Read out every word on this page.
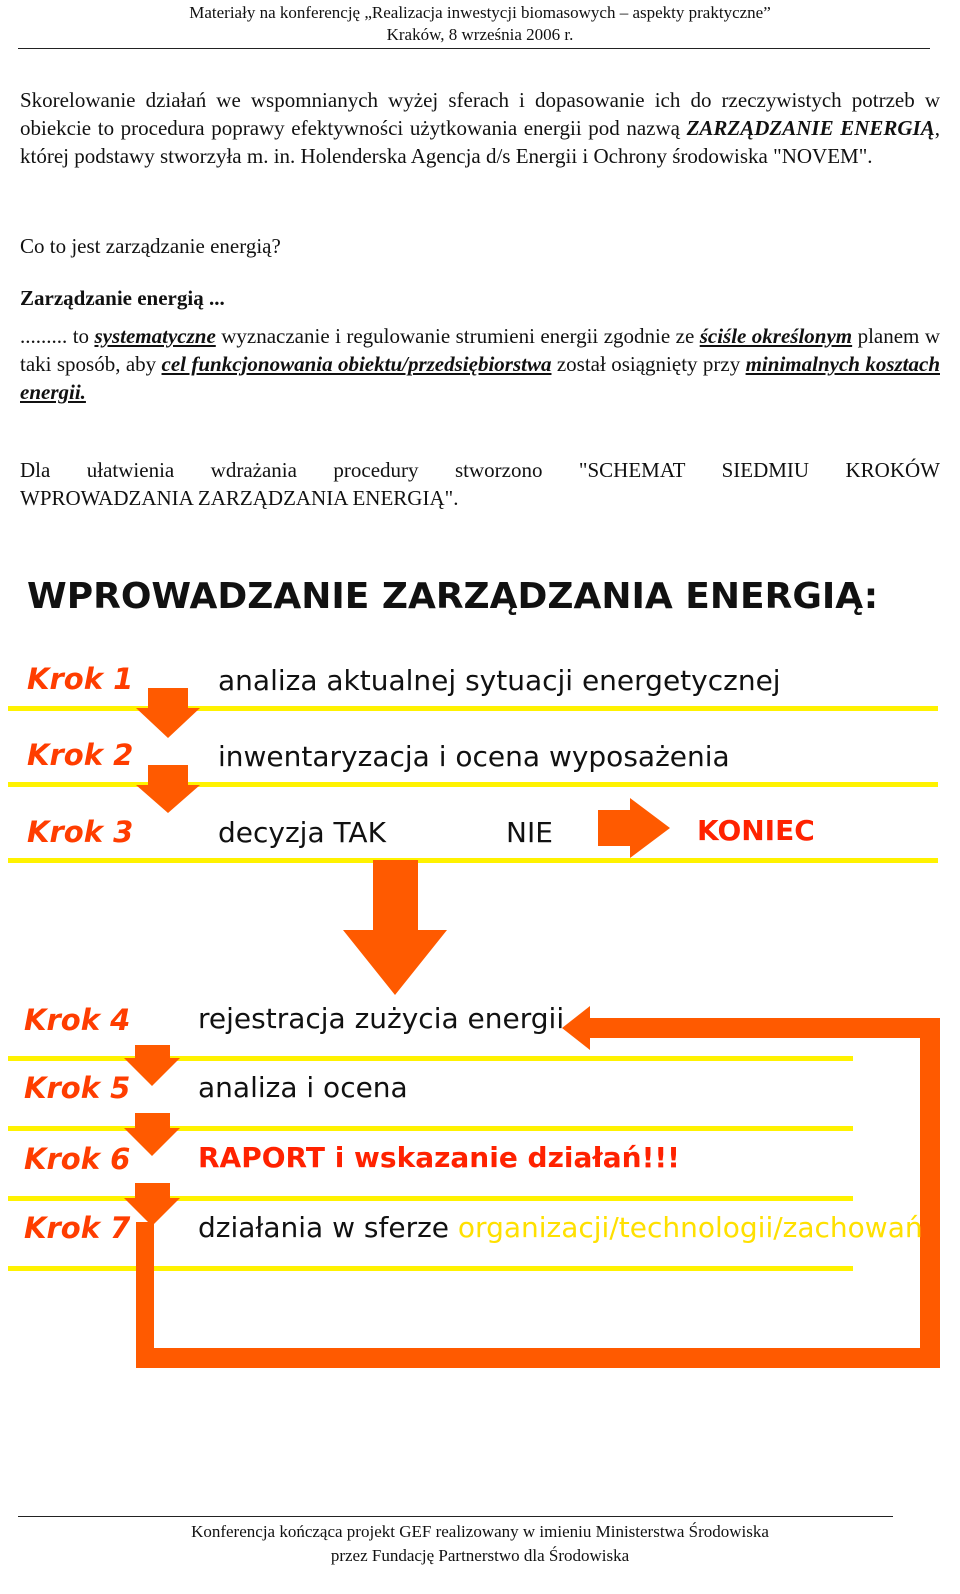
Materiały na konferencję „Realizacja inwestycji biomasowych – aspekty praktyczne”
Kraków, 8 września 2006 r.
Skorelowanie działań we wspomnianych wyżej sferach i dopasowanie ich do rzeczywistych potrzeb w obiekcie to procedura poprawy efektywności użytkowania energii pod nazwą ZARZĄDZANIE ENERGIĄ, której podstawy stworzyła m. in. Holenderska Agencja d/s Energii i Ochrony środowiska "NOVEM".
Co to jest zarządzanie energią?
Zarządzanie energią ...
......... to systematyczne wyznaczanie i regulowanie strumieni energii zgodnie ze ściśle określonym planem w taki sposób, aby cel funkcjonowania obiektu/przedsiębiorstwa został osiągnięty przy minimalnych kosztach energii.
Dla ułatwienia wdrażania procedury stworzono "SCHEMAT SIEDMIU KROKÓW
WPROWADZANIA ZARZĄDZANIA ENERGIĄ".
WPROWADZANIE ZARZĄDZANIA ENERGIĄ:
Krok 1	analiza aktualnej sytuacji energetycznej
Krok 2	inwentaryzacja i ocena wyposażenia
Krok 3	decyzja TAK	NIE	KONIEC
Krok 4 rejestracja zużycia energii
Krok 5 analiza i ocena
Krok 6 RAPORT i wskazanie działań!!!
Krok 7 działania w sferze organizacji/technologii/zachowań
Konferencja kończąca projekt GEF realizowany w imieniu Ministerstwa Środowiska
przez Fundację Partnerstwo dla Środowiska
